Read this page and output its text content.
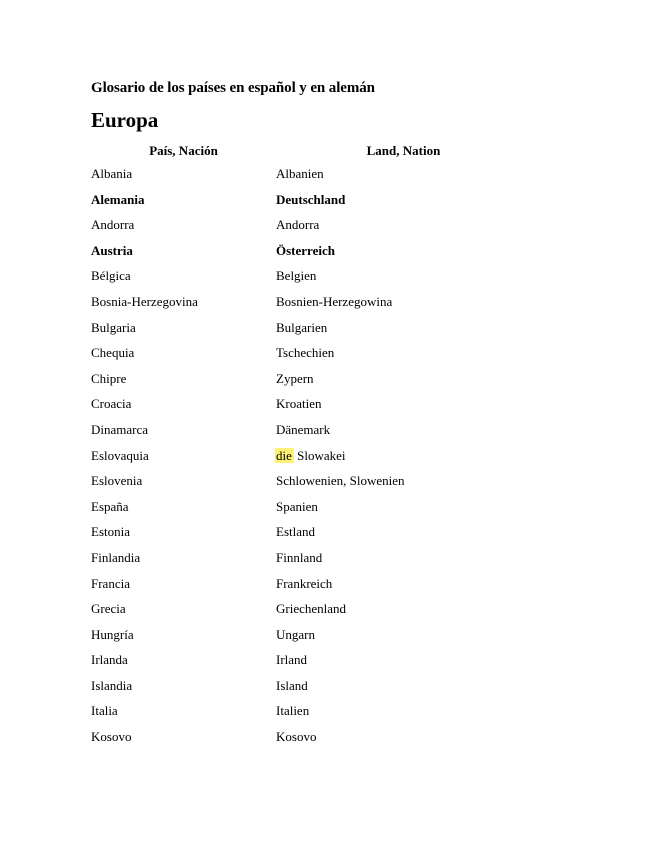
Glosario de los países en español y en alemán
Europa
País, Nación	Land, Nation
Albania	Albanien
Alemania	Deutschland
Andorra	Andorra
Austria	Österreich
Bélgica	Belgien
Bosnia-Herzegovina	Bosnien-Herzegowina
Bulgaria	Bulgarien
Chequia	Tschechien
Chipre	Zypern
Croacia	Kroatien
Dinamarca	Dänemark
Eslovaquia	die Slowakei
Eslovenia	Schlowenien, Slowenien
España	Spanien
Estonia	Estland
Finlandia	Finnland
Francia	Frankreich
Grecia	Griechenland
Hungría	Ungarn
Irlanda	Irland
Islandia	Island
Italia	Italien
Kosovo	Kosovo
